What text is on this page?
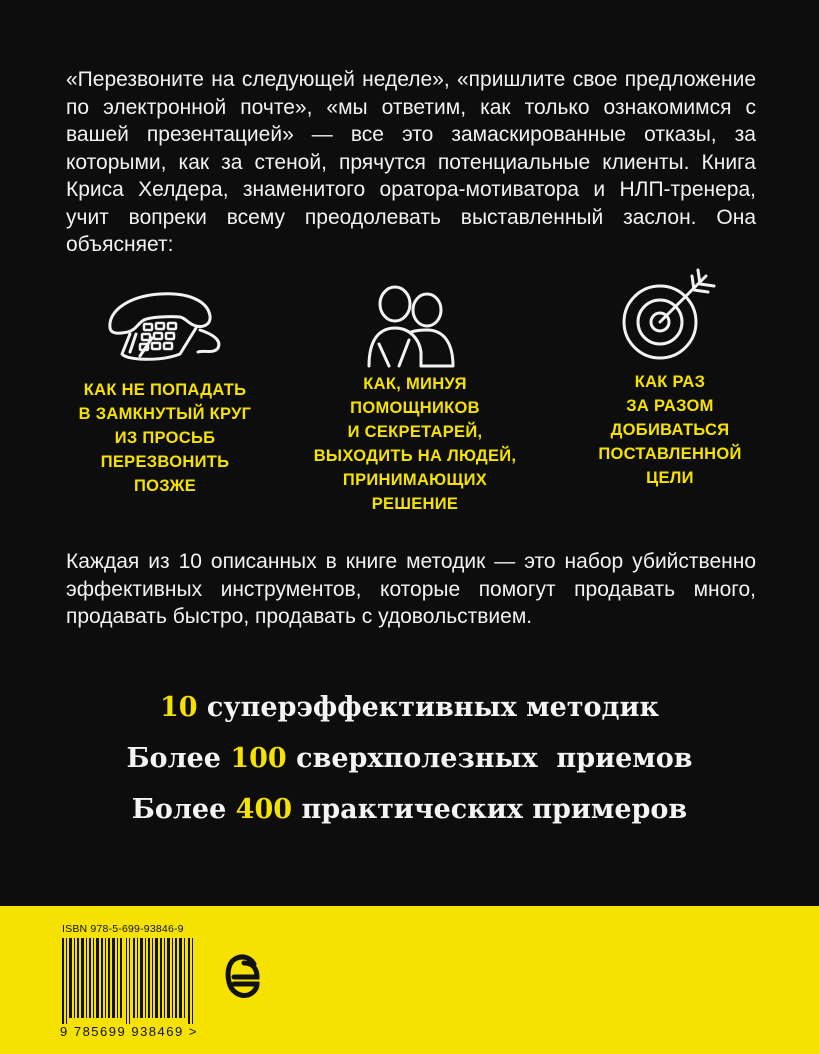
«Перезвоните на следующей неделе», «пришлите свое предложение по электронной почте», «мы ответим, как только ознакомимся с вашей презентацией» — все это замаскированные отказы, за которыми, как за стеной, прячутся потенциальные клиенты. Книга Криса Хелдера, знаменитого оратора-мотиватора и НЛП-тренера, учит вопреки всему преодолевать выставленный заслон. Она объясняет:

КАК НЕ ПОПАДАТЬ
В ЗАМКНУТЫЙ КРУГ
ИЗ ПРОСЬБ
ПЕРЕЗВОНИТЬ
ПОЗЖЕ
КАК, МИНУЯ
ПОМОЩНИКОВ
И СЕКРЕТАРЕЙ,
ВЫХОДИТЬ НА ЛЮДЕЙ,
ПРИНИМАЮЩИХ
РЕШЕНИЕ
КАК РАЗ
ЗА РАЗОМ
ДОБИВАТЬСЯ
ПОСТАВЛЕННОЙ
ЦЕЛИ

Каждая из 10 описанных в книге методик — это набор убийственно эффективных инструментов, которые помогут продавать много, продавать быстро, продавать с удовольствием.

10 суперэффективных методик
Более 100 сверхполезных  приемов
Более 400 практических примеров
ISBN 978-5-699-93846-9
9 785699 938469 >
